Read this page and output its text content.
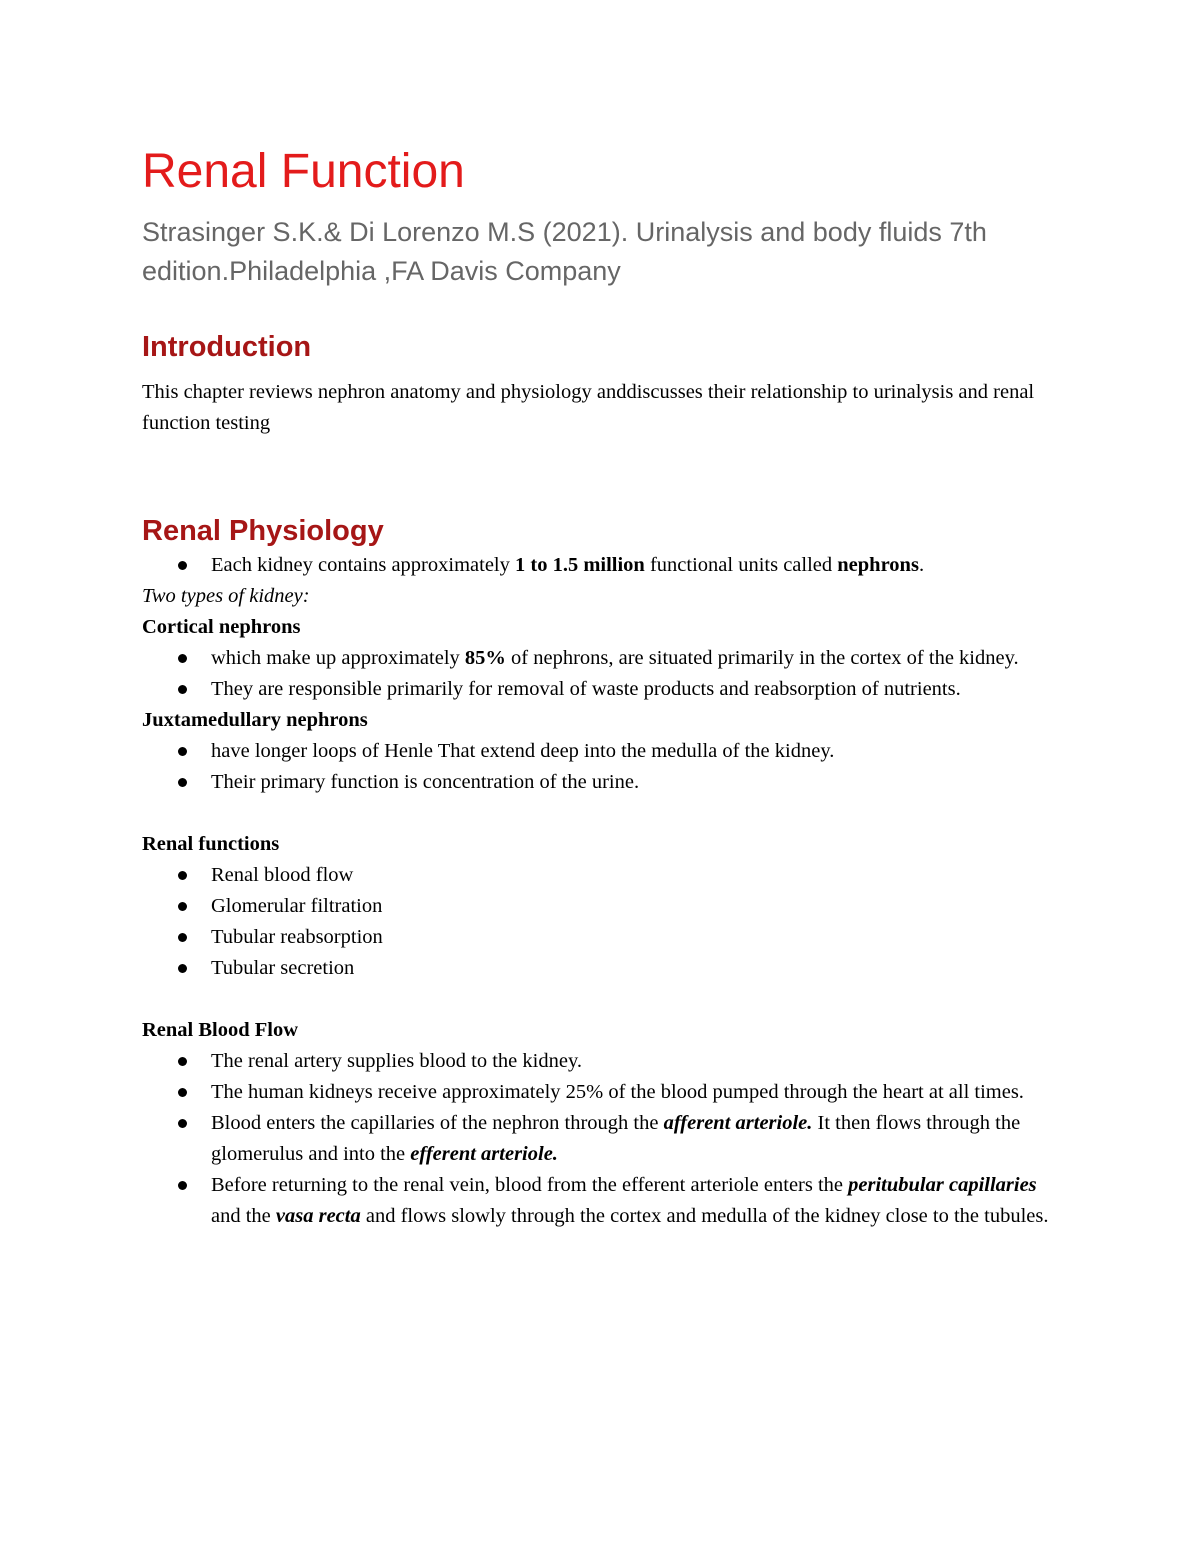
Renal Function
Strasinger S.K.& Di Lorenzo M.S (2021). Urinalysis and body fluids 7th edition.Philadelphia ,FA Davis Company
Introduction

This chapter reviews nephron anatomy and physiology anddiscusses their relationship to urinalysis and renal function testing

Renal Physiology
Each kidney contains approximately 1 to 1.5 million functional units called nephrons.
Two types of kidney:
Cortical nephrons
which make up approximately 85% of nephrons, are situated primarily in the cortex of the kidney.
They are responsible primarily for removal of waste products and reabsorption of nutrients.
Juxtamedullary nephrons
have longer loops of Henle That extend deep into the medulla of the kidney.
Their primary function is concentration of the urine.
Renal functions
Renal blood flow
Glomerular filtration
Tubular reabsorption
Tubular secretion
Renal Blood Flow
The renal artery supplies blood to the kidney.
The human kidneys receive approximately 25% of the blood pumped through the heart at all times.
Blood enters the capillaries of the nephron through the afferent arteriole. It then flows through the glomerulus and into the efferent arteriole.
Before returning to the renal vein, blood from the efferent arteriole enters the peritubular capillaries and the vasa recta and flows slowly through the cortex and medulla of the kidney close to the tubules.
